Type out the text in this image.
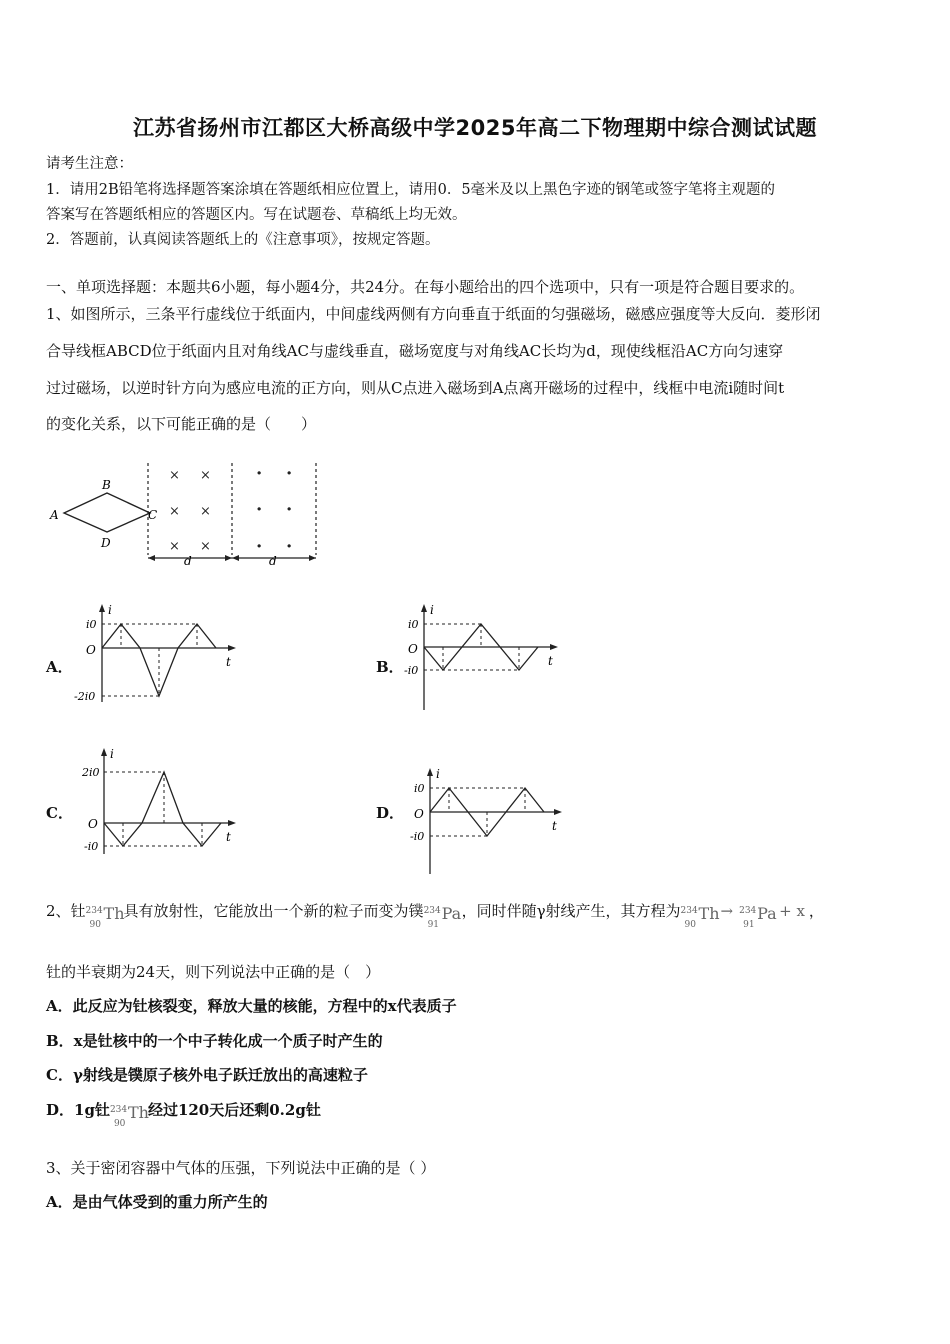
江苏省扬州市江都区大桥高级中学2025年高二下物理期中综合测试试题
请考生注意：
1．请用2B铅笔将选择题答案涂填在答题纸相应位置上，请用0．5毫米及以上黑色字迹的钢笔或签字笔将主观题的
答案写在答题纸相应的答题区内。写在试题卷、草稿纸上均无效。
2．答题前，认真阅读答题纸上的《注意事项》，按规定答题。
一、单项选择题：本题共6小题，每小题4分，共24分。在每小题给出的四个选项中，只有一项是符合题目要求的。
1、如图所示，三条平行虚线位于纸面内，中间虚线两侧有方向垂直于纸面的匀强磁场，磁感应强度等大反向．菱形闭
合导线框ABCD位于纸面内且对角线AC与虚线垂直，磁场宽度与对角线AC长均为d，现使线框沿AC方向匀速穿
过过磁场，以逆时针方向为感应电流的正方向，则从C点进入磁场到A点离开磁场的过程中，线框中电流i随时间t
的变化关系，以下可能正确的是（　　）
A
B
C
D
× ×
× ×
× ×
· ·
· ·
· ·
d	d
A．
i
i0
O
-2i0
t	B．
i
i0
O
-i0
t
C．
i
2i0
O
-i0
t
D．
i
i0
O
-i0
t
2、钍 234
90
Th 具有放射性，它能放出一个新的粒子而变为镤 234
91
Pa ，同时伴随γ射线产生，其方程为 234
90
Th → 234
91
Pa + x ，
钍的半衰期为24天，则下列说法中正确的是（　）
A．此反应为钍核裂变，释放大量的核能，方程中的x代表质子
B．x是钍核中的一个中子转化成一个质子时产生的
C．γ射线是镤原子核外电子跃迁放出的高速粒子
D．1g钍 234
90
Th 经过120天后还剩0.2g钍
3、关于密闭容器中气体的压强，下列说法中正确的是（ ）
A．是由气体受到的重力所产生的
